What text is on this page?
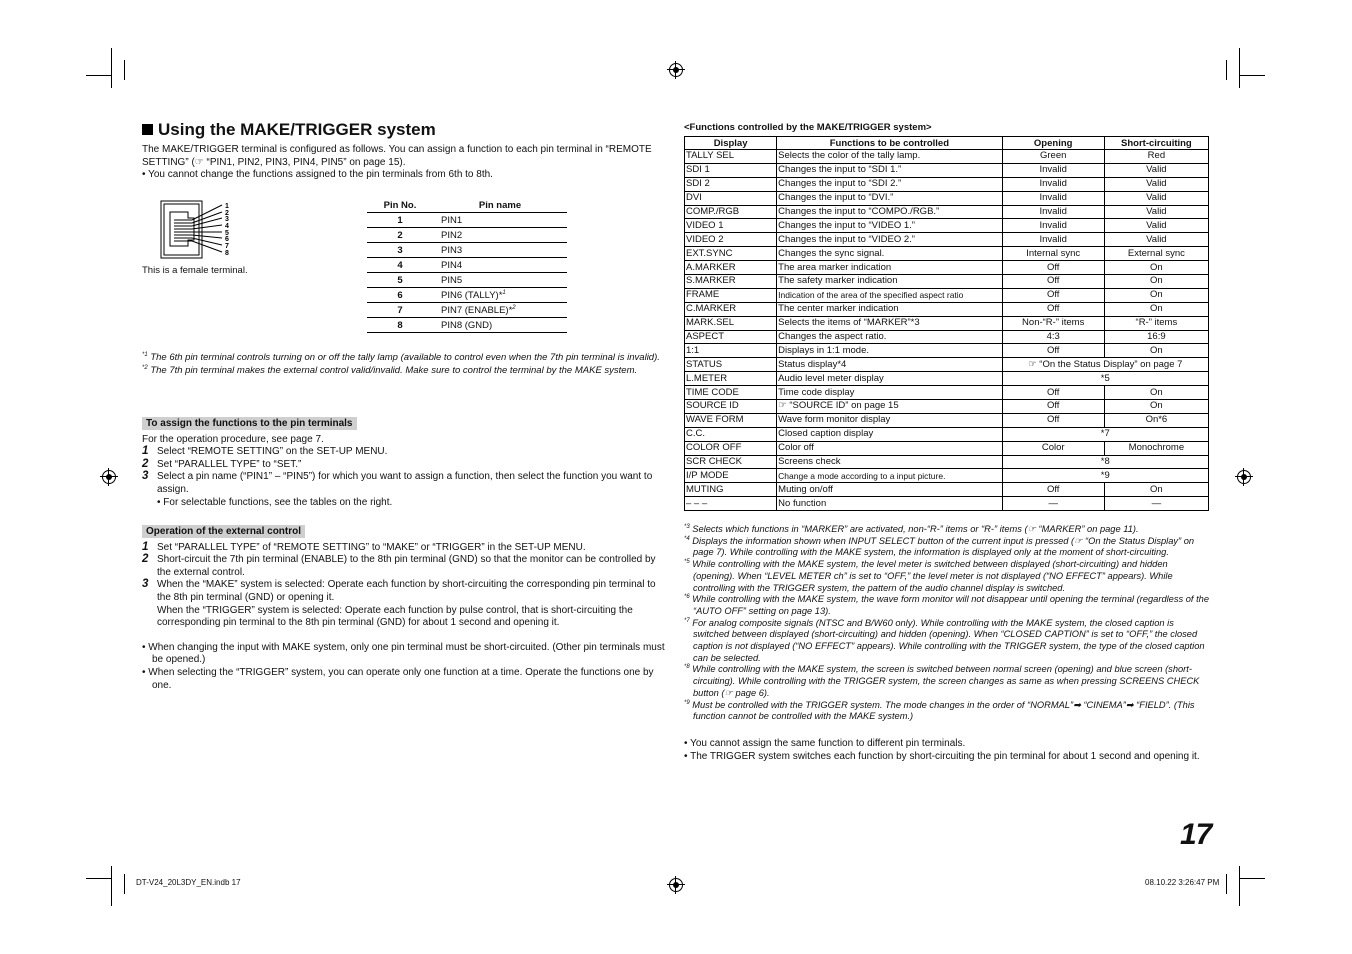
Using the MAKE/TRIGGER system

The MAKE/TRIGGER terminal is configured as follows. You can assign a function to each pin terminal in “REMOTE SETTING” (☞ “PIN1, PIN2, PIN3, PIN4, PIN5” on page 15).

• You cannot change the functions assigned to the pin terminals from 6th to 8th.

1
2
3
4
5
6
7
8
This is a female terminal.
Pin No.	Pin name
1	PIN1
2	PIN2
3	PIN3
4	PIN4
5	PIN5
6	PIN6 (TALLY)*$^1$
7	PIN7 (ENABLE)*$^2$
8	PIN8 (GND)

$^{*1}$ The 6th pin terminal controls turning on or off the tally lamp (available to control even when the 7th pin terminal is invalid).

$^{*2}$ The 7th pin terminal makes the external control valid/invalid. Make sure to control the terminal by the MAKE system.

To assign the functions to the pin terminals

For the operation procedure, see page 7.

1 Select “REMOTE SETTING” on the SET-UP MENU.
2 Set “PARALLEL TYPE” to “SET.”
3 Select a pin name (“PIN1” – “PIN5”) for which you want to assign a function, then select the function you want to assign.

• For selectable functions, see the tables on the right.

Operation of the external control
1 Set “PARALLEL TYPE” of “REMOTE SETTING” to “MAKE” or “TRIGGER” in the SET-UP MENU.
2 Short-circuit the 7th pin terminal (ENABLE) to the 8th pin terminal (GND) so that the monitor can be controlled by the external control.
3 When the “MAKE” system is selected: Operate each function by short-circuiting the corresponding pin terminal to the 8th pin terminal (GND) or opening it.

When the “TRIGGER” system is selected: Operate each function by pulse control, that is short-circuiting the corresponding pin terminal to the 8th pin terminal (GND) for about 1 second and opening it.

• When changing the input with MAKE system, only one pin terminal must be short-circuited. (Other pin terminals must be opened.)

• When selecting the “TRIGGER” system, you can operate only one function at a time. Operate the functions one by one.

<Functions controlled by the MAKE/TRIGGER system>
Display	Functions to be controlled	Opening	Short-circuiting
TALLY SEL	Selects the color of the tally lamp.	Green	Red
SDI 1	Changes the input to “SDI 1.”	Invalid	Valid
SDI 2	Changes the input to “SDI 2.”	Invalid	Valid
DVI	Changes the input to “DVI.”	Invalid	Valid
COMP./RGB	Changes the input to “COMPO./RGB.”	Invalid	Valid
VIDEO 1	Changes the input to “VIDEO 1.”	Invalid	Valid
VIDEO 2	Changes the input to “VIDEO 2.”	Invalid	Valid
EXT.SYNC	Changes the sync signal.	Internal sync	External sync
A.MARKER	The area marker indication	Off	On
S.MARKER	The safety marker indication	Off	On
FRAME	Indication of the area of the specified aspect ratio	Off	On
C.MARKER	The center marker indication	Off	On
MARK.SEL	Selects the items of “MARKER”*3	Non-“R-” items	“R-” items
ASPECT	Changes the aspect ratio.	4:3	16:9
1:1	Displays in 1:1 mode.	Off	On
STATUS	Status display*4	☞ “On the Status Display” on page 7	
L.METER	Audio level meter display	*5	
TIME CODE	Time code display	Off	On
SOURCE ID	☞ “SOURCE ID” on page 15	Off	On
WAVE FORM	Wave form monitor display	Off	On*6
C.C.	Closed caption display	*7	
COLOR OFF	Color off	Color	Monochrome
SCR CHECK	Screens check	*8	
I/P MODE	Change a mode according to a input picture.	*9	
MUTING	Muting on/off	Off	On
– – –	No function	—	—

$^{*3}$ Selects which functions in “MARKER” are activated, non-“R-” items or “R-” items (☞ “MARKER” on page 11).

$^{*4}$ Displays the information shown when INPUT SELECT button of the current input is pressed (☞ “On the Status Display” on page 7). While controlling with the MAKE system, the information is displayed only at the moment of short-circuiting.

$^{*5}$ While controlling with the MAKE system, the level meter is switched between displayed (short-circuiting) and hidden (opening). When “LEVEL METER ch” is set to “OFF,” the level meter is not displayed (“NO EFFECT” appears). While controlling with the TRIGGER system, the pattern of the audio channel display is switched.

$^{*6}$ While controlling with the MAKE system, the wave form monitor will not disappear until opening the terminal (regardless of the “AUTO OFF” setting on page 13).

$^{*7}$ For analog composite signals (NTSC and B/W60 only). While controlling with the MAKE system, the closed caption is switched between displayed (short-circuiting) and hidden (opening). When “CLOSED CAPTION” is set to “OFF,” the closed caption is not displayed (“NO EFFECT” appears). While controlling with the TRIGGER system, the type of the closed caption can be selected.

$^{*8}$ While controlling with the MAKE system, the screen is switched between normal screen (opening) and blue screen (short-circuiting). While controlling with the TRIGGER system, the screen changes as same as when pressing SCREENS CHECK button (☞ page 6).

$^{*9}$ Must be controlled with the TRIGGER system. The mode changes in the order of “NORMAL”➡ “CINEMA”➡ “FIELD”. (This function cannot be controlled with the MAKE system.)

• You cannot assign the same function to different pin terminals.

• The TRIGGER system switches each function by short-circuiting the pin terminal for about 1 second and opening it.

17
DT-V24_20L3DY_EN.indb 17	08.10.22 3:26:47 PM
